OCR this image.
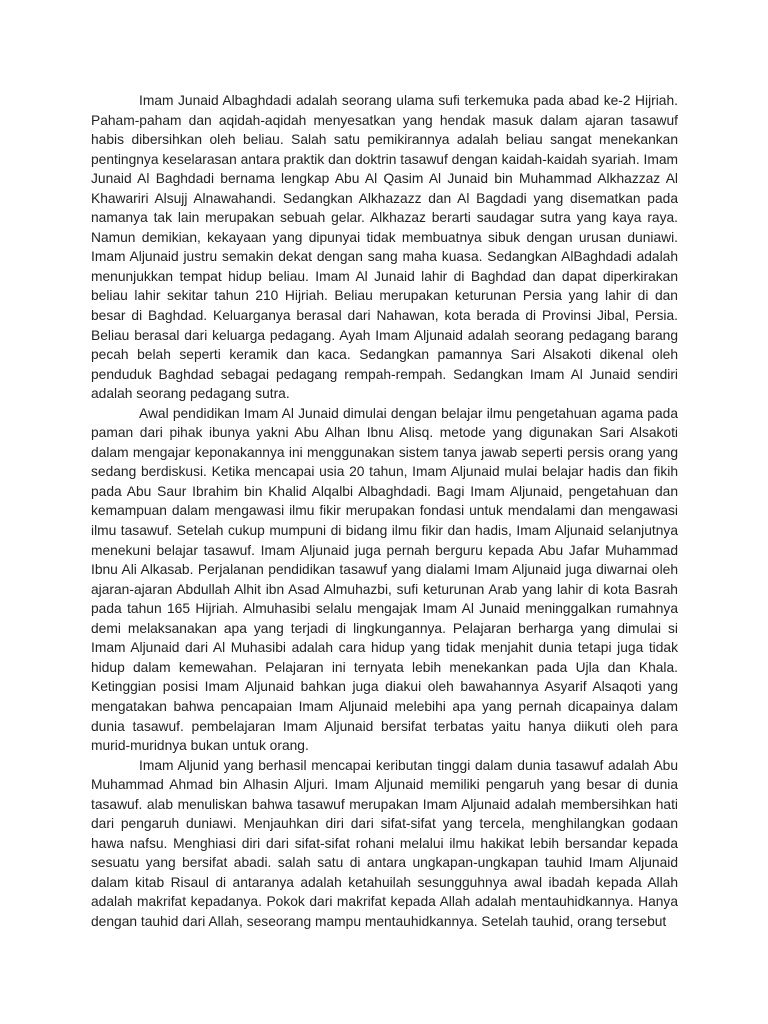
Imam Junaid Albaghdadi adalah seorang ulama sufi terkemuka pada abad ke-2 Hijriah. Paham-paham dan aqidah-aqidah menyesatkan yang hendak masuk dalam ajaran tasawuf habis dibersihkan oleh beliau. Salah satu pemikirannya adalah beliau sangat menekankan pentingnya keselarasan antara praktik dan doktrin tasawuf dengan kaidah-kaidah syariah. Imam Junaid Al Baghdadi bernama lengkap Abu Al Qasim Al Junaid bin Muhammad Alkhazzaz Al Khawariri Alsujj Alnawahandi. Sedangkan Alkhazazz dan Al Bagdadi yang disematkan pada namanya tak lain merupakan sebuah gelar. Alkhazaz berarti saudagar sutra yang kaya raya. Namun demikian, kekayaan yang dipunyai tidak membuatnya sibuk dengan urusan duniawi. Imam Aljunaid justru semakin dekat dengan sang maha kuasa. Sedangkan AlBaghdadi adalah menunjukkan tempat hidup beliau. Imam Al Junaid lahir di Baghdad dan dapat diperkirakan beliau lahir sekitar tahun 210 Hijriah. Beliau merupakan keturunan Persia yang lahir di dan besar di Baghdad. Keluarganya berasal dari Nahawan, kota berada di Provinsi Jibal, Persia. Beliau berasal dari keluarga pedagang. Ayah Imam Aljunaid adalah seorang pedagang barang pecah belah seperti keramik dan kaca. Sedangkan pamannya Sari Alsakoti dikenal oleh penduduk Baghdad sebagai pedagang rempah-rempah. Sedangkan Imam Al Junaid sendiri adalah seorang pedagang sutra.

Awal pendidikan Imam Al Junaid dimulai dengan belajar ilmu pengetahuan agama pada paman dari pihak ibunya yakni Abu Alhan Ibnu Alisq. metode yang digunakan Sari Alsakoti dalam mengajar keponakannya ini menggunakan sistem tanya jawab seperti persis orang yang sedang berdiskusi. Ketika mencapai usia 20 tahun, Imam Aljunaid mulai belajar hadis dan fikih pada Abu Saur Ibrahim bin Khalid Alqalbi Albaghdadi. Bagi Imam Aljunaid, pengetahuan dan kemampuan dalam mengawasi ilmu fikir merupakan fondasi untuk mendalami dan mengawasi ilmu tasawuf. Setelah cukup mumpuni di bidang ilmu fikir dan hadis, Imam Aljunaid selanjutnya menekuni belajar tasawuf. Imam Aljunaid juga pernah berguru kepada Abu Jafar Muhammad Ibnu Ali Alkasab. Perjalanan pendidikan tasawuf yang dialami Imam Aljunaid juga diwarnai oleh ajaran-ajaran Abdullah Alhit ibn Asad Almuhazbi, sufi keturunan Arab yang lahir di kota Basrah pada tahun 165 Hijriah. Almuhasibi selalu mengajak Imam Al Junaid meninggalkan rumahnya demi melaksanakan apa yang terjadi di lingkungannya. Pelajaran berharga yang dimulai si Imam Aljunaid dari Al Muhasibi adalah cara hidup yang tidak menjahit dunia tetapi juga tidak hidup dalam kemewahan. Pelajaran ini ternyata lebih menekankan pada Ujla dan Khala. Ketinggian posisi Imam Aljunaid bahkan juga diakui oleh bawahannya Asyarif Alsaqoti yang mengatakan bahwa pencapaian Imam Aljunaid melebihi apa yang pernah dicapainya dalam dunia tasawuf. pembelajaran Imam Aljunaid bersifat terbatas yaitu hanya diikuti oleh para murid-muridnya bukan untuk orang.

Imam Aljunid yang berhasil mencapai keributan tinggi dalam dunia tasawuf adalah Abu Muhammad Ahmad bin Alhasin Aljuri. Imam Aljunaid memiliki pengaruh yang besar di dunia tasawuf. alab menuliskan bahwa tasawuf merupakan Imam Aljunaid adalah membersihkan hati dari pengaruh duniawi. Menjauhkan diri dari sifat-sifat yang tercela, menghilangkan godaan hawa nafsu. Menghiasi diri dari sifat-sifat rohani melalui ilmu hakikat lebih bersandar kepada sesuatu yang bersifat abadi. salah satu di antara ungkapan-ungkapan tauhid Imam Aljunaid dalam kitab Risaul di antaranya adalah ketahuilah sesungguhnya awal ibadah kepada Allah adalah makrifat kepadanya. Pokok dari makrifat kepada Allah adalah mentauhidkannya. Hanya dengan tauhid dari Allah, seseorang mampu mentauhidkannya. Setelah tauhid, orang tersebut
